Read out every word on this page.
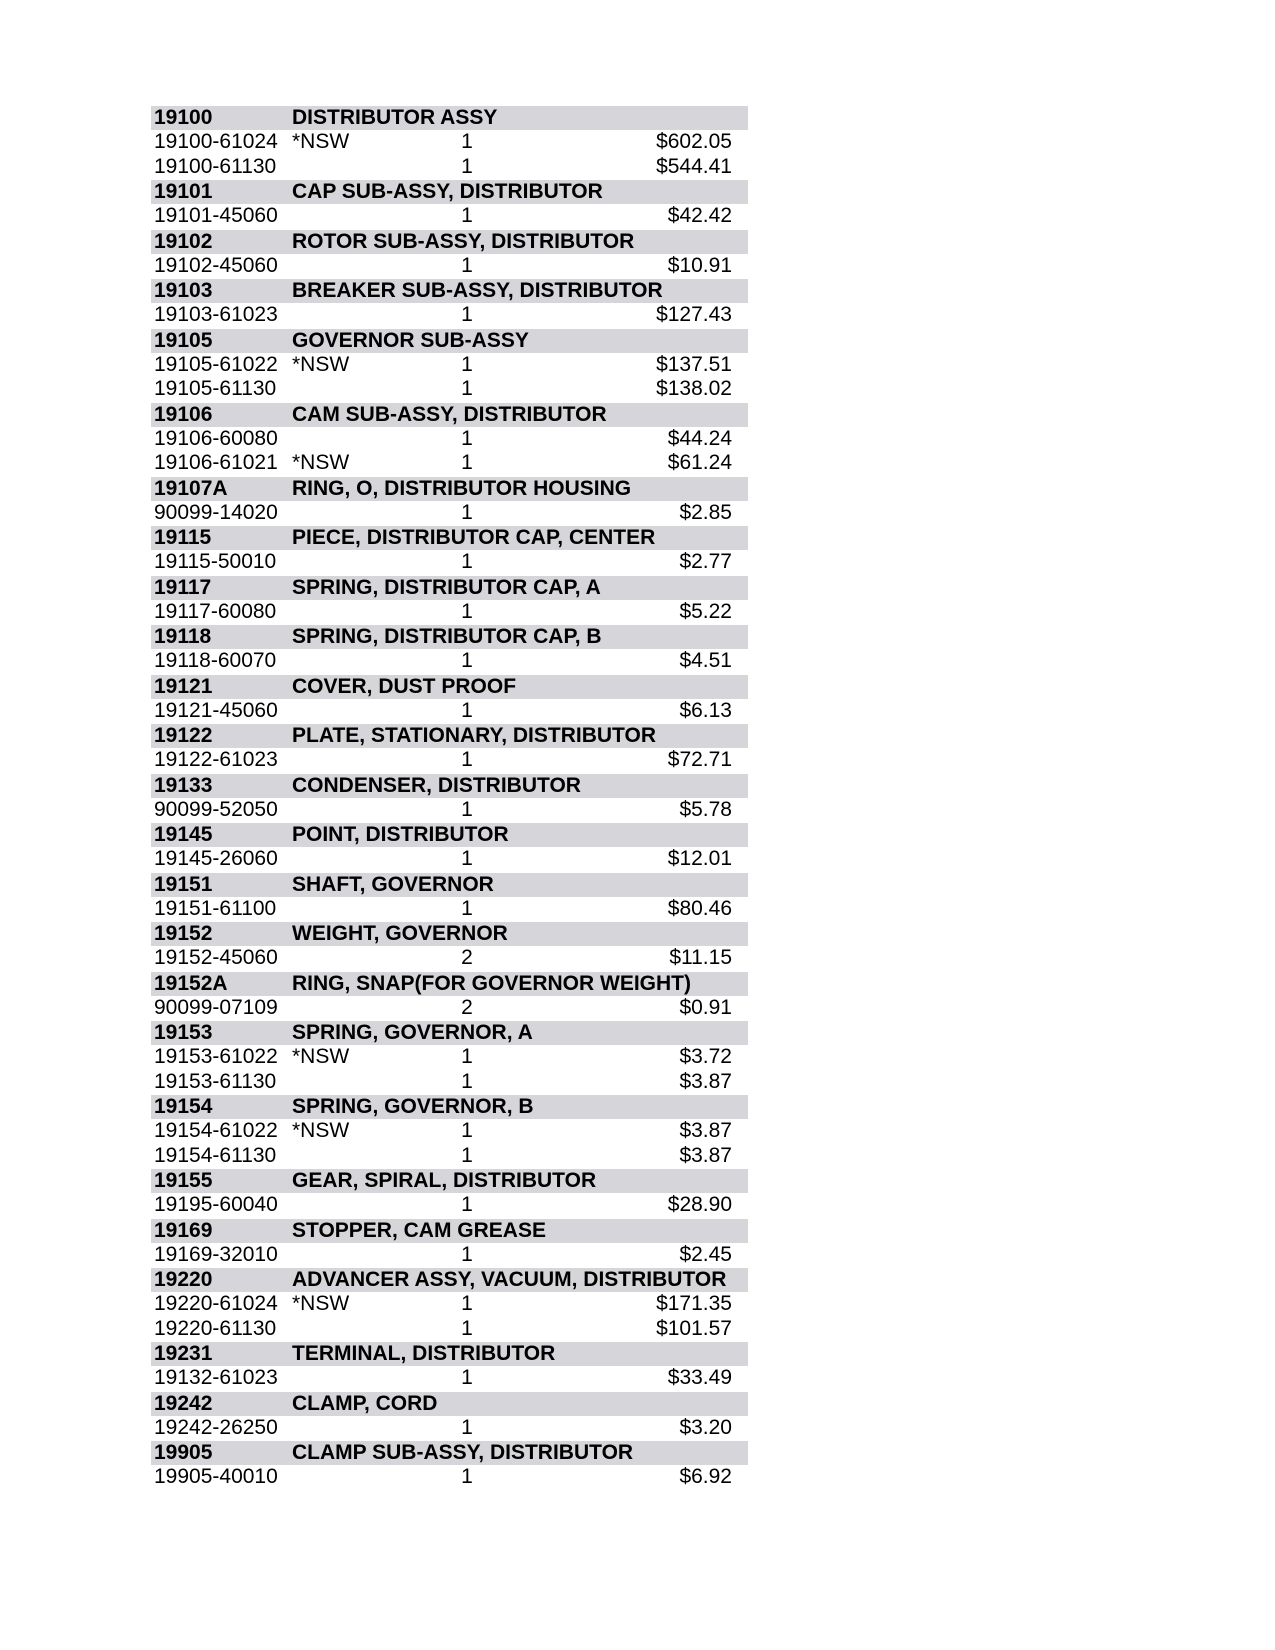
19100	DISTRIBUTOR ASSY
19100-61024 *NSW	1	$602.05
19100-61130	1	$544.41
19101	CAP SUB-ASSY, DISTRIBUTOR
19101-45060	1	$42.42
19102	ROTOR SUB-ASSY, DISTRIBUTOR
19102-45060	1	$10.91
19103	BREAKER SUB-ASSY, DISTRIBUTOR
19103-61023	1	$127.43
19105	GOVERNOR SUB-ASSY
19105-61022 *NSW	1	$137.51
19105-61130	1	$138.02
19106	CAM SUB-ASSY, DISTRIBUTOR
19106-60080	1	$44.24
19106-61021 *NSW	1	$61.24
19107A	RING, O, DISTRIBUTOR HOUSING
90099-14020	1	$2.85
19115	PIECE, DISTRIBUTOR CAP, CENTER
19115-50010	1	$2.77
19117	SPRING, DISTRIBUTOR CAP, A
19117-60080	1	$5.22
19118	SPRING, DISTRIBUTOR CAP, B
19118-60070	1	$4.51
19121	COVER, DUST PROOF
19121-45060	1	$6.13
19122	PLATE, STATIONARY, DISTRIBUTOR
19122-61023	1	$72.71
19133	CONDENSER, DISTRIBUTOR
90099-52050	1	$5.78
19145	POINT, DISTRIBUTOR
19145-26060	1	$12.01
19151	SHAFT, GOVERNOR
19151-61100	1	$80.46
19152	WEIGHT, GOVERNOR
19152-45060	2	$11.15
19152A	RING, SNAP(FOR GOVERNOR WEIGHT)
90099-07109	2	$0.91
19153	SPRING, GOVERNOR, A
19153-61022 *NSW	1	$3.72
19153-61130	1	$3.87
19154	SPRING, GOVERNOR, B
19154-61022 *NSW	1	$3.87
19154-61130	1	$3.87
19155	GEAR, SPIRAL, DISTRIBUTOR
19195-60040	1	$28.90
19169	STOPPER, CAM GREASE
19169-32010	1	$2.45
19220	ADVANCER ASSY, VACUUM, DISTRIBUTOR
19220-61024 *NSW	1	$171.35
19220-61130	1	$101.57
19231	TERMINAL, DISTRIBUTOR
19132-61023	1	$33.49
19242	CLAMP, CORD
19242-26250	1	$3.20
19905	CLAMP SUB-ASSY, DISTRIBUTOR
19905-40010	1	$6.92
